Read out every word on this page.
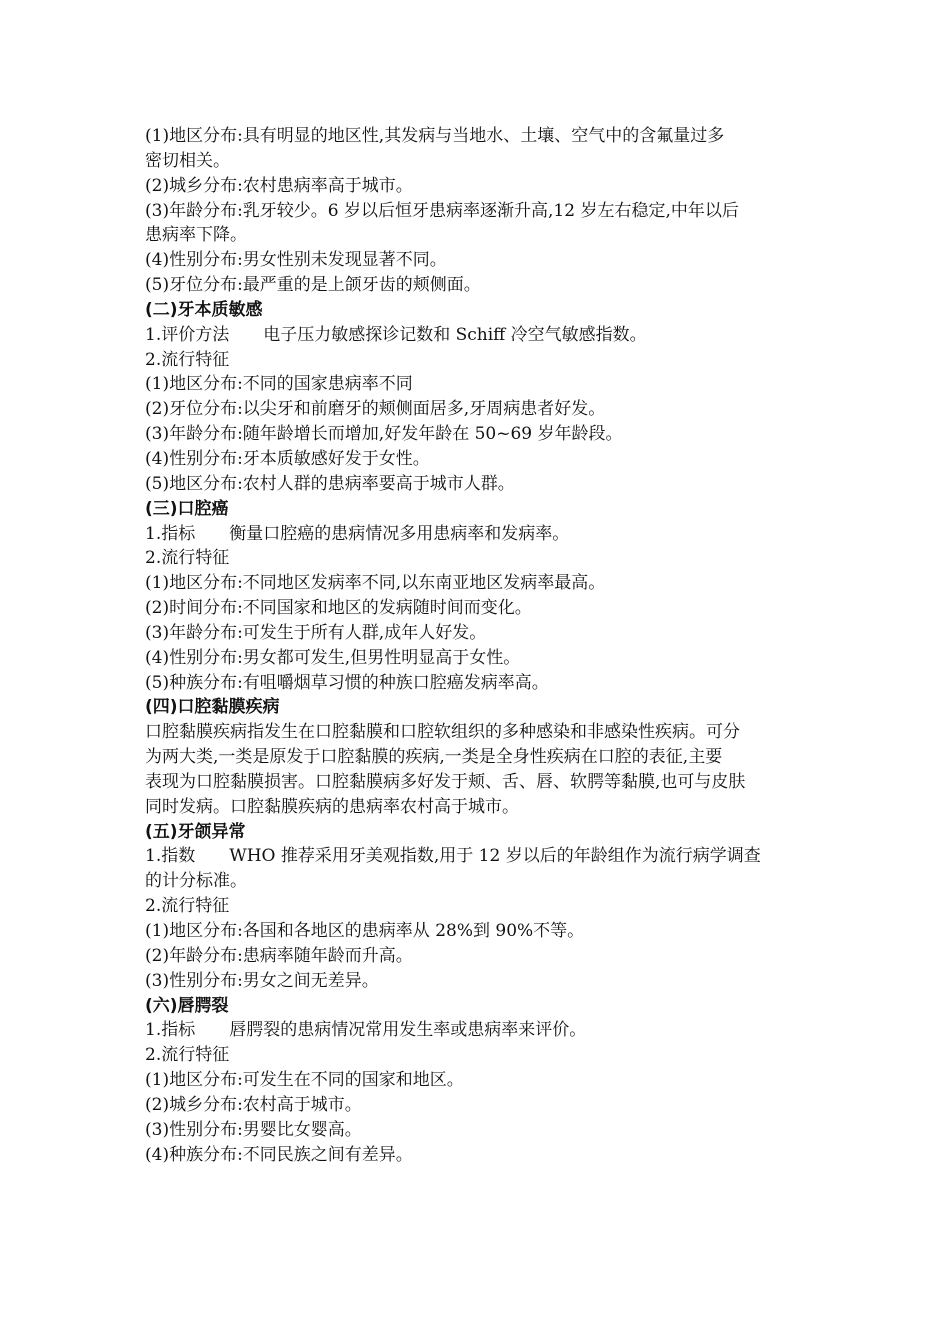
(1)地区分布:具有明显的地区性,其发病与当地水、土壤、空气中的含氟量过多
密切相关。
(2)城乡分布:农村患病率高于城市。
(3)年龄分布:乳牙较少。6 岁以后恒牙患病率逐渐升高,12 岁左右稳定,中年以后
患病率下降。
(4)性别分布:男女性别未发现显著不同。
(5)牙位分布:最严重的是上颌牙齿的颊侧面。
(二)牙本质敏感
1.评价方法　　电子压力敏感探诊记数和 Schiff 冷空气敏感指数。
2.流行特征
(1)地区分布:不同的国家患病率不同
(2)牙位分布:以尖牙和前磨牙的颊侧面居多,牙周病患者好发。
(3)年龄分布:随年龄增长而增加,好发年龄在 50~69 岁年龄段。
(4)性别分布:牙本质敏感好发于女性。
(5)地区分布:农村人群的患病率要高于城市人群。
(三)口腔癌
1.指标　　衡量口腔癌的患病情况多用患病率和发病率。
2.流行特征
(1)地区分布:不同地区发病率不同,以东南亚地区发病率最高。
(2)时间分布:不同国家和地区的发病随时间而变化。
(3)年龄分布:可发生于所有人群,成年人好发。
(4)性别分布:男女都可发生,但男性明显高于女性。
(5)种族分布:有咀嚼烟草习惯的种族口腔癌发病率高。
(四)口腔黏膜疾病
口腔黏膜疾病指发生在口腔黏膜和口腔软组织的多种感染和非感染性疾病。可分
为两大类,一类是原发于口腔黏膜的疾病,一类是全身性疾病在口腔的表征,主要
表现为口腔黏膜损害。口腔黏膜病多好发于颊、舌、唇、软腭等黏膜,也可与皮肤
同时发病。口腔黏膜疾病的患病率农村高于城市。
(五)牙颌异常
1.指数　　WHO 推荐采用牙美观指数,用于 12 岁以后的年龄组作为流行病学调查
的计分标准。
2.流行特征
(1)地区分布:各国和各地区的患病率从 28%到 90%不等。
(2)年龄分布:患病率随年龄而升高。
(3)性别分布:男女之间无差异。
(六)唇腭裂
1.指标　　唇腭裂的患病情况常用发生率或患病率来评价。
2.流行特征
(1)地区分布:可发生在不同的国家和地区。
(2)城乡分布:农村高于城市。
(3)性别分布:男婴比女婴高。
(4)种族分布:不同民族之间有差异。
